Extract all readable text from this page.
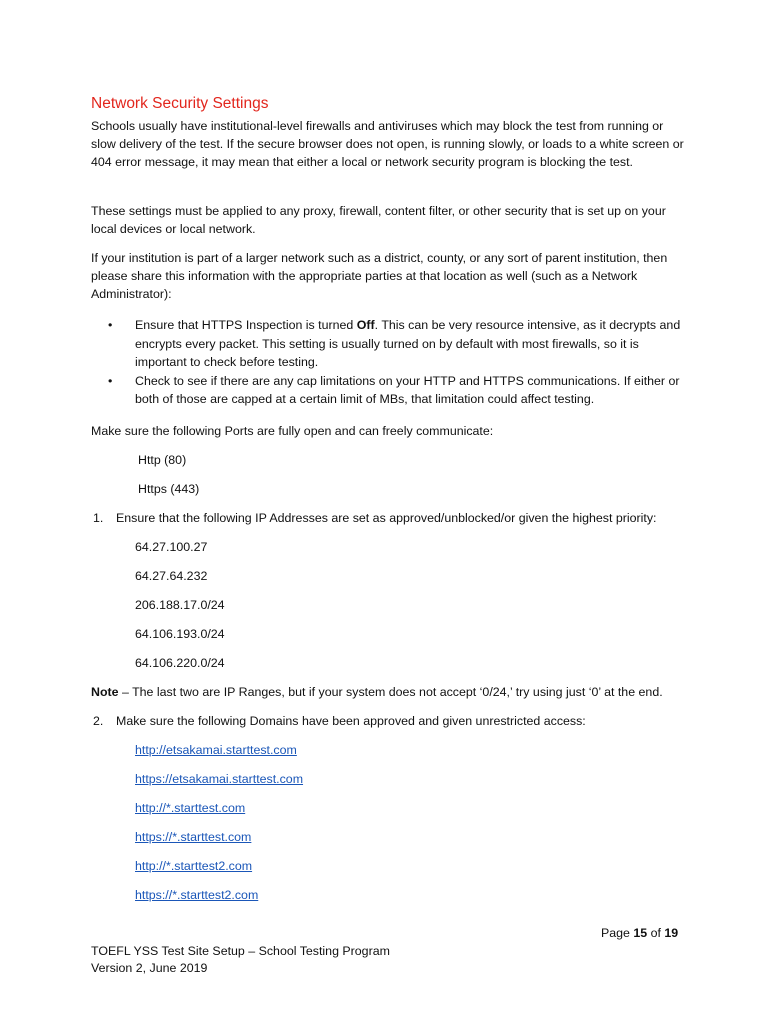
Network Security Settings

Schools usually have institutional-level firewalls and antiviruses which may block the test from running or slow delivery of the test. If the secure browser does not open, is running slowly, or loads to a white screen or 404 error message, it may mean that either a local or network security program is blocking the test.

These settings must be applied to any proxy, firewall, content filter, or other security that is set up on your local devices or local network.

If your institution is part of a larger network such as a district, county, or any sort of parent institution, then please share this information with the appropriate parties at that location as well (such as a Network Administrator):

• Ensure that HTTPS Inspection is turned Off. This can be very resource intensive, as it decrypts and encrypts every packet. This setting is usually turned on by default with most firewalls, so it is important to check before testing.
• Check to see if there are any cap limitations on your HTTP and HTTPS communications. If either or both of those are capped at a certain limit of MBs, that limitation could affect testing.

Make sure the following Ports are fully open and can freely communicate:

Http (80)

Https (443)

1. Ensure that the following IP Addresses are set as approved/unblocked/or given the highest priority:

64.27.100.27

64.27.64.232

206.188.17.0/24

64.106.193.0/24

64.106.220.0/24

Note – The last two are IP Ranges, but if your system does not accept ‘0/24,’ try using just ‘0’ at the end.

2. Make sure the following Domains have been approved and given unrestricted access:

http://etsakamai.starttest.com

https://etsakamai.starttest.com

http://*.starttest.com

https://*.starttest.com

http://*.starttest2.com

https://*.starttest2.com

Page 15 of 19
TOEFL YSS Test Site Setup – School Testing Program
Version 2, June 2019
